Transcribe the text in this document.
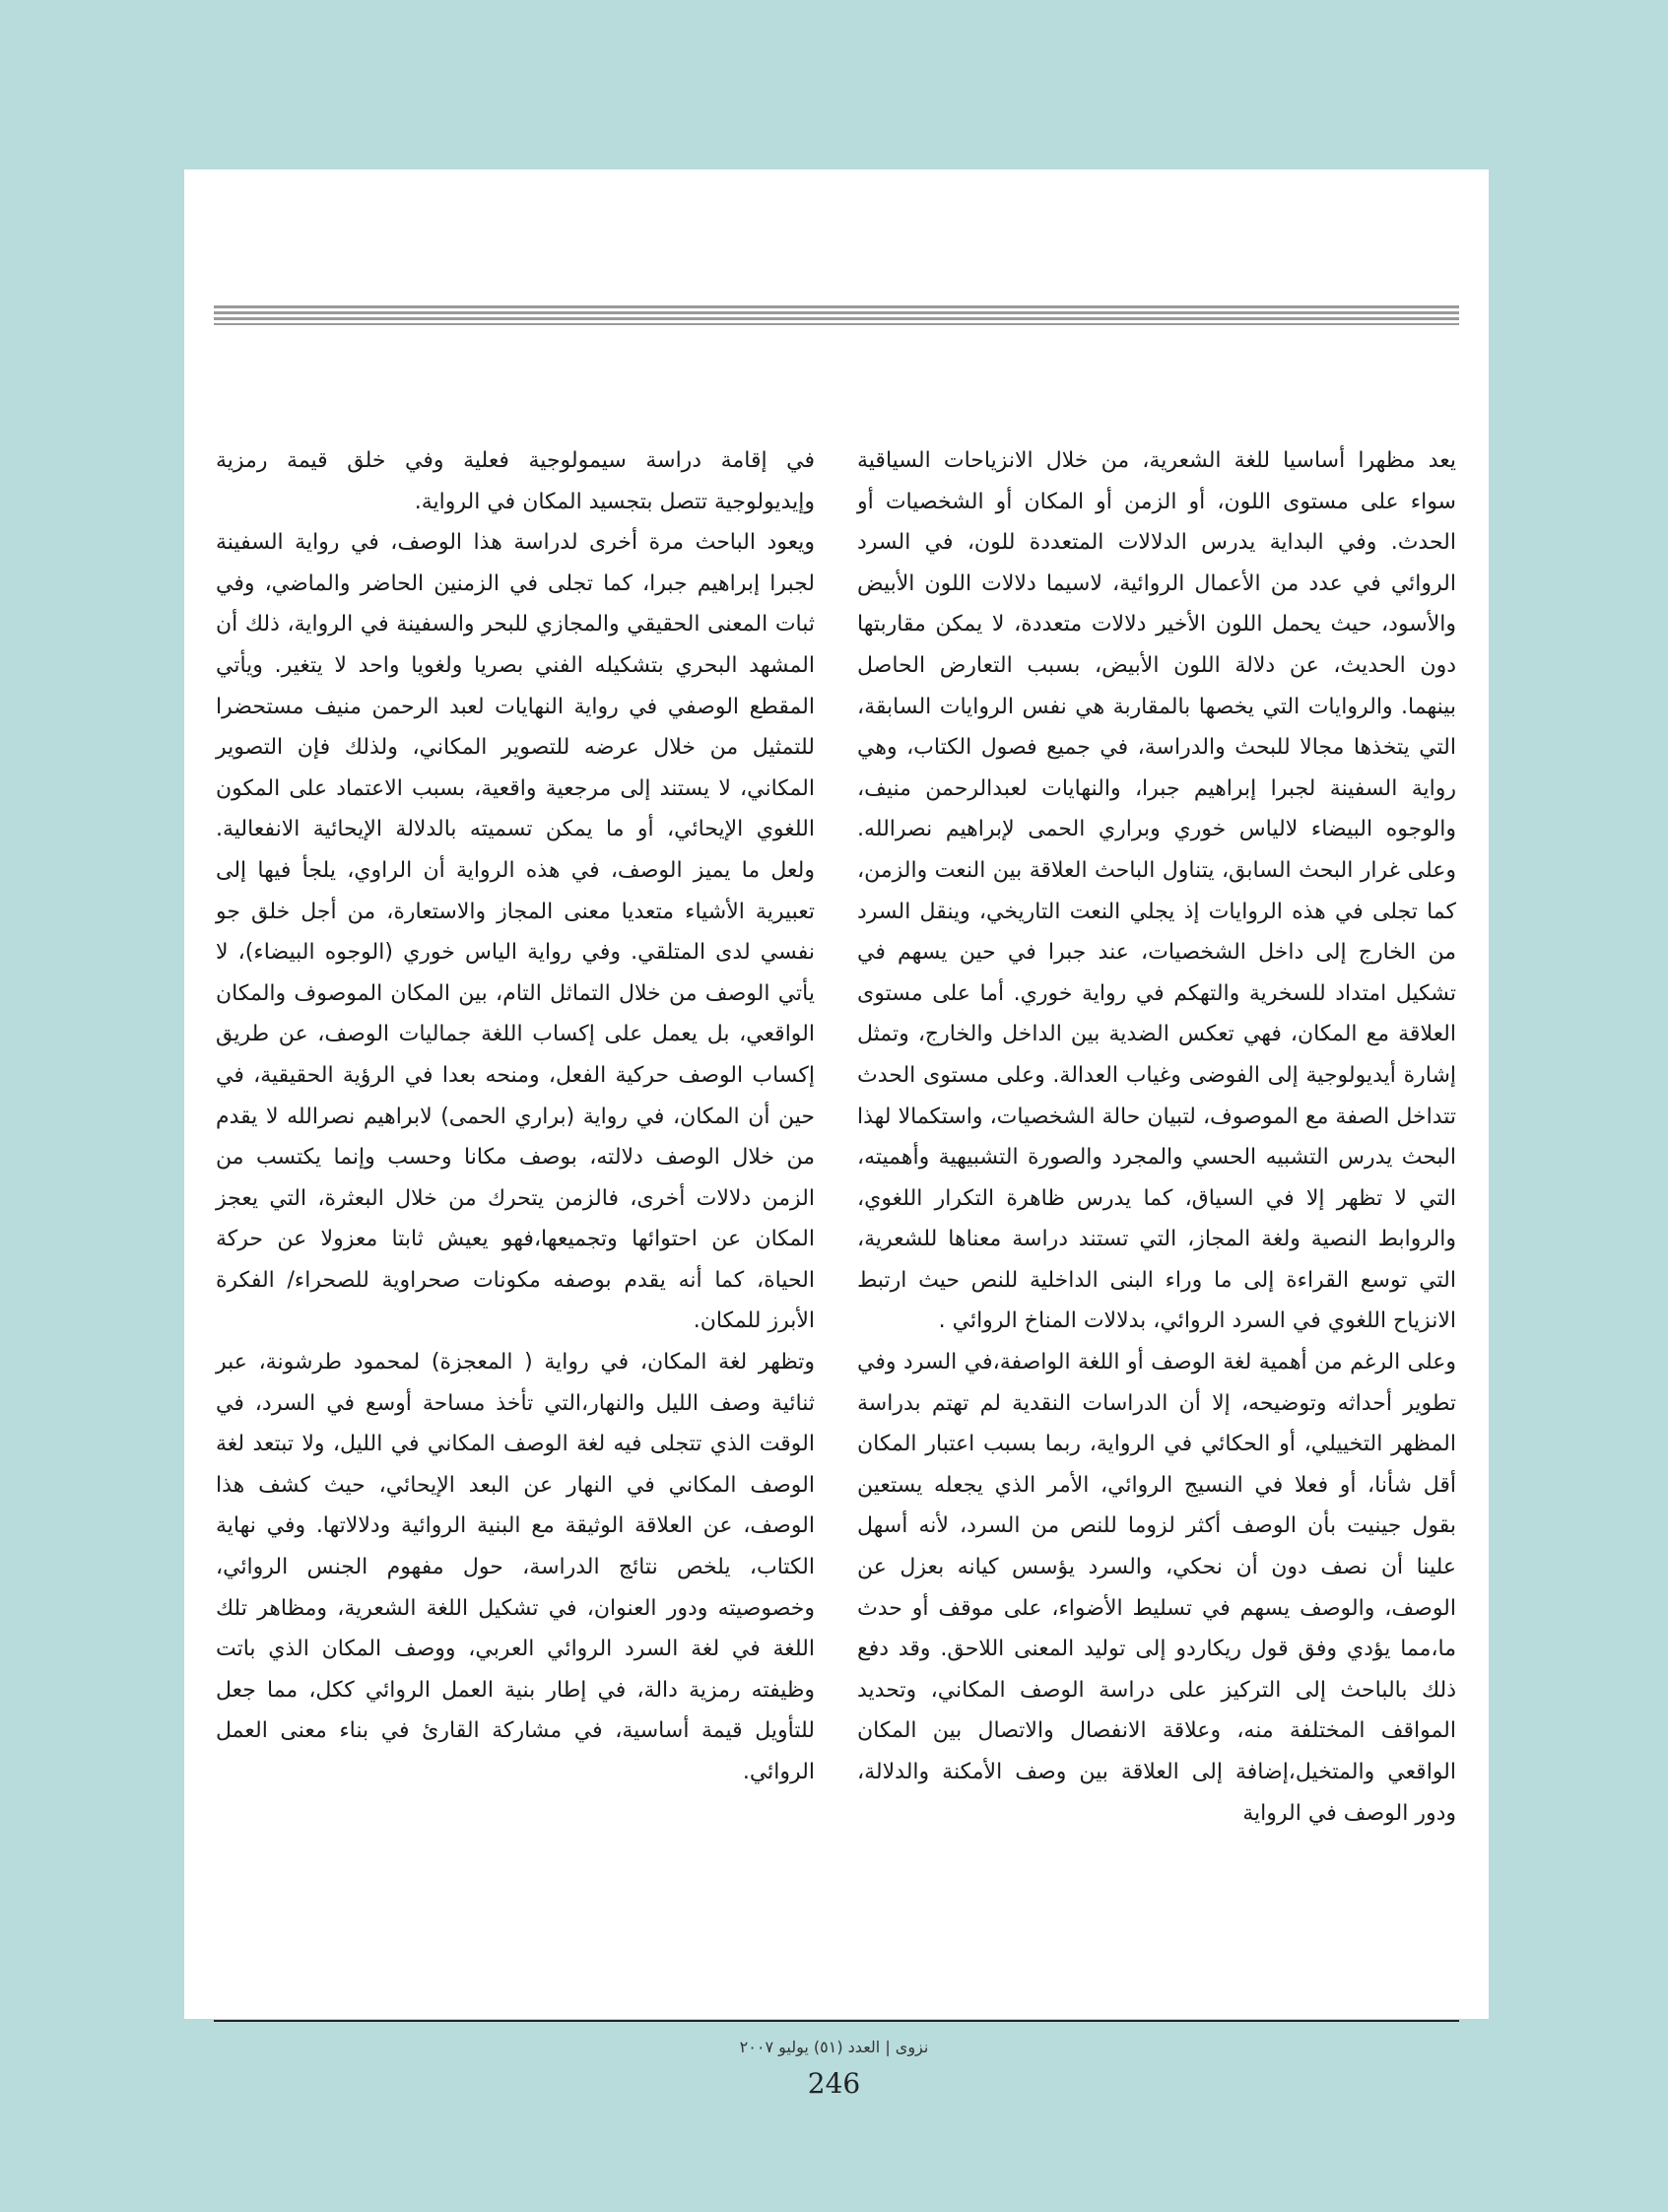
يعد مظهرا أساسيا للغة الشعرية، من خلال الانزياحات السياقية سواء على مستوى اللون، أو الزمن أو المكان أو الشخصيات أو الحدث. وفي البداية يدرس الدلالات المتعددة للون، في السرد الروائي في عدد من الأعمال الروائية، لاسيما دلالات اللون الأبيض والأسود، حيث يحمل اللون الأخير دلالات متعددة، لا يمكن مقاربتها دون الحديث، عن دلالة اللون الأبيض، بسبب التعارض الحاصل بينهما. والروايات التي يخصها بالمقاربة هي نفس الروايات السابقة، التي يتخذها مجالا للبحث والدراسة، في جميع فصول الكتاب، وهي رواية السفينة لجبرا إبراهيم جبرا، والنهايات لعبدالرحمن منيف، والوجوه البيضاء لالياس خوري وبراري الحمى لإبراهيم نصرالله. وعلى غرار البحث السابق، يتناول الباحث العلاقة بين النعت والزمن، كما تجلى في هذه الروايات إذ يجلي النعت التاريخي، وينقل السرد من الخارج إلى داخل الشخصيات، عند جبرا في حين يسهم في تشكيل امتداد للسخرية والتهكم في رواية خوري. أما على مستوى العلاقة مع المكان، فهي تعكس الضدية بين الداخل والخارج، وتمثل إشارة أيديولوجية إلى الفوضى وغياب العدالة. وعلى مستوى الحدث تتداخل الصفة مع الموصوف، لتبيان حالة الشخصيات، واستكمالا لهذا البحث يدرس التشبيه الحسي والمجرد والصورة التشبيهية وأهميته، التي لا تظهر إلا في السياق، كما يدرس ظاهرة التكرار اللغوي، والروابط النصية ولغة المجاز، التي تستند دراسة معناها للشعرية، التي توسع القراءة إلى ما وراء البنى الداخلية للنص حيث ارتبط الانزياح اللغوي في السرد الروائي، بدلالات المناخ الروائي .

وعلى الرغم من أهمية لغة الوصف أو اللغة الواصفة،في السرد وفي تطوير أحداثه وتوضيحه، إلا أن الدراسات النقدية لم تهتم بدراسة المظهر التخييلي، أو الحكائي في الرواية، ربما بسبب اعتبار المكان أقل شأنا، أو فعلا في النسيج الروائي، الأمر الذي يجعله يستعين بقول جينيت بأن الوصف أكثر لزوما للنص من السرد، لأنه أسهل علينا أن نصف دون أن نحكي، والسرد يؤسس كيانه بعزل عن الوصف، والوصف يسهم في تسليط الأضواء، على موقف أو حدث ما،مما يؤدي وفق قول ريكاردو إلى توليد المعنى اللاحق. وقد دفع ذلك بالباحث إلى التركيز على دراسة الوصف المكاني، وتحديد المواقف المختلفة منه، وعلاقة الانفصال والاتصال بين المكان الواقعي والمتخيل،إضافة إلى العلاقة بين وصف الأمكنة والدلالة، ودور الوصف في الرواية

في إقامة دراسة سيمولوجية فعلية وفي خلق قيمة رمزية وإيديولوجية تتصل بتجسيد المكان في الرواية.

ويعود الباحث مرة أخرى لدراسة هذا الوصف، في رواية السفينة لجبرا إبراهيم جبرا، كما تجلى في الزمنين الحاضر والماضي، وفي ثبات المعنى الحقيقي والمجازي للبحر والسفينة في الرواية، ذلك أن المشهد البحري بتشكيله الفني بصريا ولغويا واحد لا يتغير. ويأتي المقطع الوصفي في رواية النهايات لعبد الرحمن منيف مستحضرا للتمثيل من خلال عرضه للتصوير المكاني، ولذلك فإن التصوير المكاني، لا يستند إلى مرجعية واقعية، بسبب الاعتماد على المكون اللغوي الإيحائي، أو ما يمكن تسميته بالدلالة الإيحائية الانفعالية. ولعل ما يميز الوصف، في هذه الرواية أن الراوي، يلجأ فيها إلى تعبيرية الأشياء متعديا معنى المجاز والاستعارة، من أجل خلق جو نفسي لدى المتلقي. وفي رواية الياس خوري (الوجوه البيضاء)، لا يأتي الوصف من خلال التماثل التام، بين المكان الموصوف والمكان الواقعي، بل يعمل على إكساب اللغة جماليات الوصف، عن طريق إكساب الوصف حركية الفعل، ومنحه بعدا في الرؤية الحقيقية، في حين أن المكان، في رواية (براري الحمى) لابراهيم نصرالله لا يقدم من خلال الوصف دلالته، بوصف مكانا وحسب وإنما يكتسب من الزمن دلالات أخرى، فالزمن يتحرك من خلال البعثرة، التي يعجز المكان عن احتوائها وتجميعها،فهو يعيش ثابتا معزولا عن حركة الحياة، كما أنه يقدم بوصفه مكونات صحراوية للصحراء/ الفكرة الأبرز للمكان.

وتظهر لغة المكان، في رواية ( المعجزة) لمحمود طرشونة، عبر ثنائية وصف الليل والنهار،التي تأخذ مساحة أوسع في السرد، في الوقت الذي تتجلى فيه لغة الوصف المكاني في الليل، ولا تبتعد لغة الوصف المكاني في النهار عن البعد الإيحائي، حيث كشف هذا الوصف، عن العلاقة الوثيقة مع البنية الروائية ودلالاتها. وفي نهاية الكتاب، يلخص نتائج الدراسة، حول مفهوم الجنس الروائي، وخصوصيته ودور العنوان، في تشكيل اللغة الشعرية، ومظاهر تلك اللغة في لغة السرد الروائي العربي، ووصف المكان الذي باتت وظيفته رمزية دالة، في إطار بنية العمل الروائي ككل، مما جعل للتأويل قيمة أساسية، في مشاركة القارئ في بناء معنى العمل الروائي.

نزوى | العدد (٥١) يوليو ٢٠٠٧
246
